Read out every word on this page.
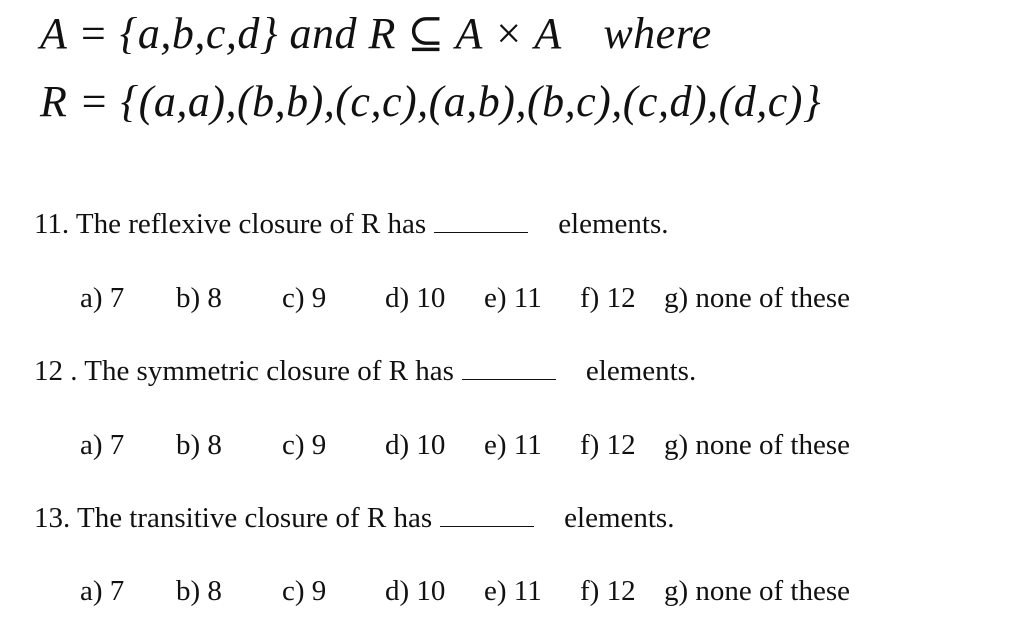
A = {a,b,c,d} and R ⊆ A × A where
R = {(a,a),(b,b),(c,c),(a,b),(b,c),(c,d),(d,c)}
11. The reflexive closure of R has	elements.
a) 7 b) 8 c) 9 d) 10 e) 11 f) 12 g) none of these
12 . The symmetric closure of R has	elements.
a) 7 b) 8 c) 9 d) 10 e) 11 f) 12 g) none of these
13. The transitive closure of R has	elements.
a) 7 b) 8 c) 9 d) 10 e) 11 f) 12 g) none of these
